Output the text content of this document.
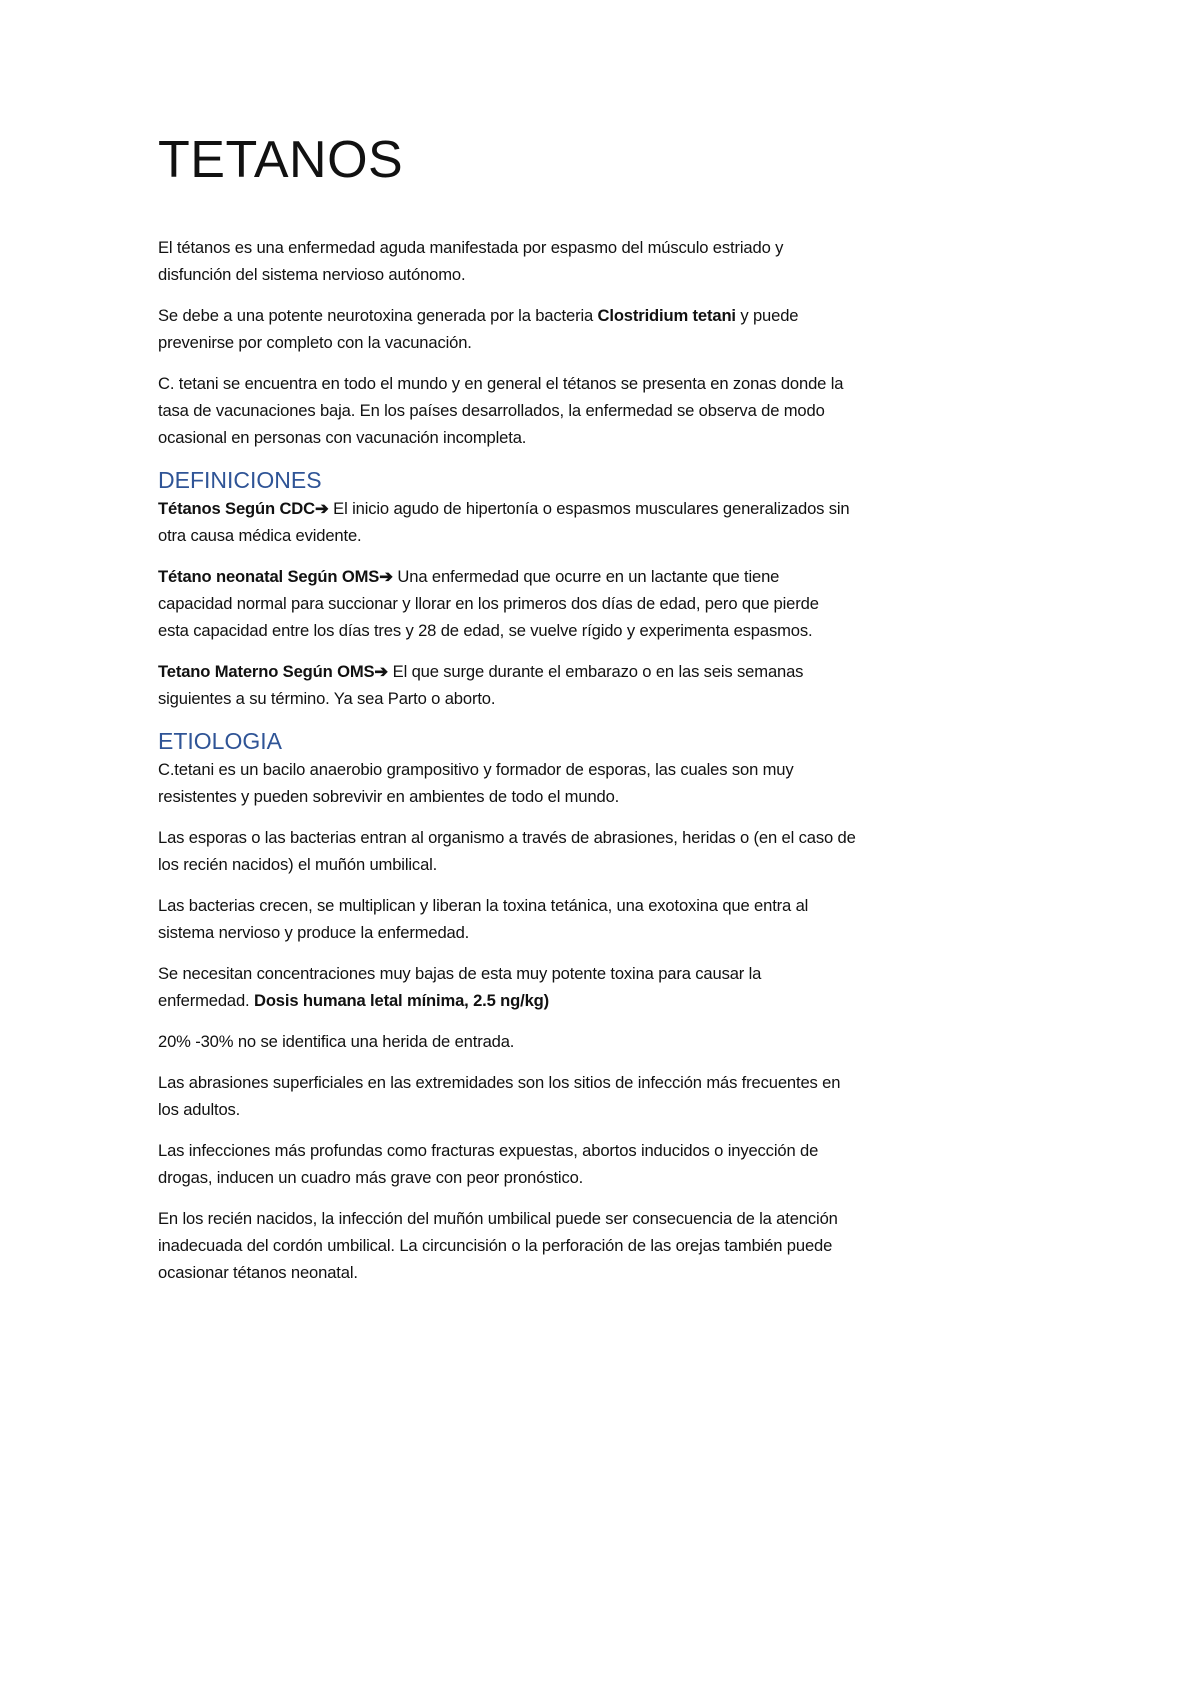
TETANOS
El tétanos es una enfermedad aguda manifestada por espasmo del músculo estriado y
disfunción del sistema nervioso autónomo.
Se debe a una potente neurotoxina generada por la bacteria Clostridium tetani y puede
prevenirse por completo con la vacunación.
C. tetani se encuentra en todo el mundo y en general el tétanos se presenta en zonas donde la
tasa de vacunaciones baja. En los países desarrollados, la enfermedad se observa de modo
ocasional en personas con vacunación incompleta.
DEFINICIONES
Tétanos Según CDC➔ El inicio agudo de hipertonía o espasmos musculares generalizados sin
otra causa médica evidente.
Tétano neonatal Según OMS➔ Una enfermedad que ocurre en un lactante que tiene
capacidad normal para succionar y llorar en los primeros dos días de edad, pero que pierde
esta capacidad entre los días tres y 28 de edad, se vuelve rígido y experimenta espasmos.
Tetano Materno Según OMS➔ El que surge durante el embarazo o en las seis semanas
siguientes a su término. Ya sea Parto o aborto.
ETIOLOGIA
C.tetani es un bacilo anaerobio grampositivo y formador de esporas, las cuales son muy
resistentes y pueden sobrevivir en ambientes de todo el mundo.
Las esporas o las bacterias entran al organismo a través de abrasiones, heridas o (en el caso de
los recién nacidos) el muñón umbilical.
Las bacterias crecen, se multiplican y liberan la toxina tetánica, una exotoxina que entra al
sistema nervioso y produce la enfermedad.
Se necesitan concentraciones muy bajas de esta muy potente toxina para causar la
enfermedad. Dosis humana letal mínima, 2.5 ng/kg)
20% -30% no se identifica una herida de entrada.
Las abrasiones superficiales en las extremidades son los sitios de infección más frecuentes en
los adultos.
Las infecciones más profundas como fracturas expuestas, abortos inducidos o inyección de
drogas, inducen un cuadro más grave con peor pronóstico.
En los recién nacidos, la infección del muñón umbilical puede ser consecuencia de la atención
inadecuada del cordón umbilical. La circuncisión o la perforación de las orejas también puede
ocasionar tétanos neonatal.
